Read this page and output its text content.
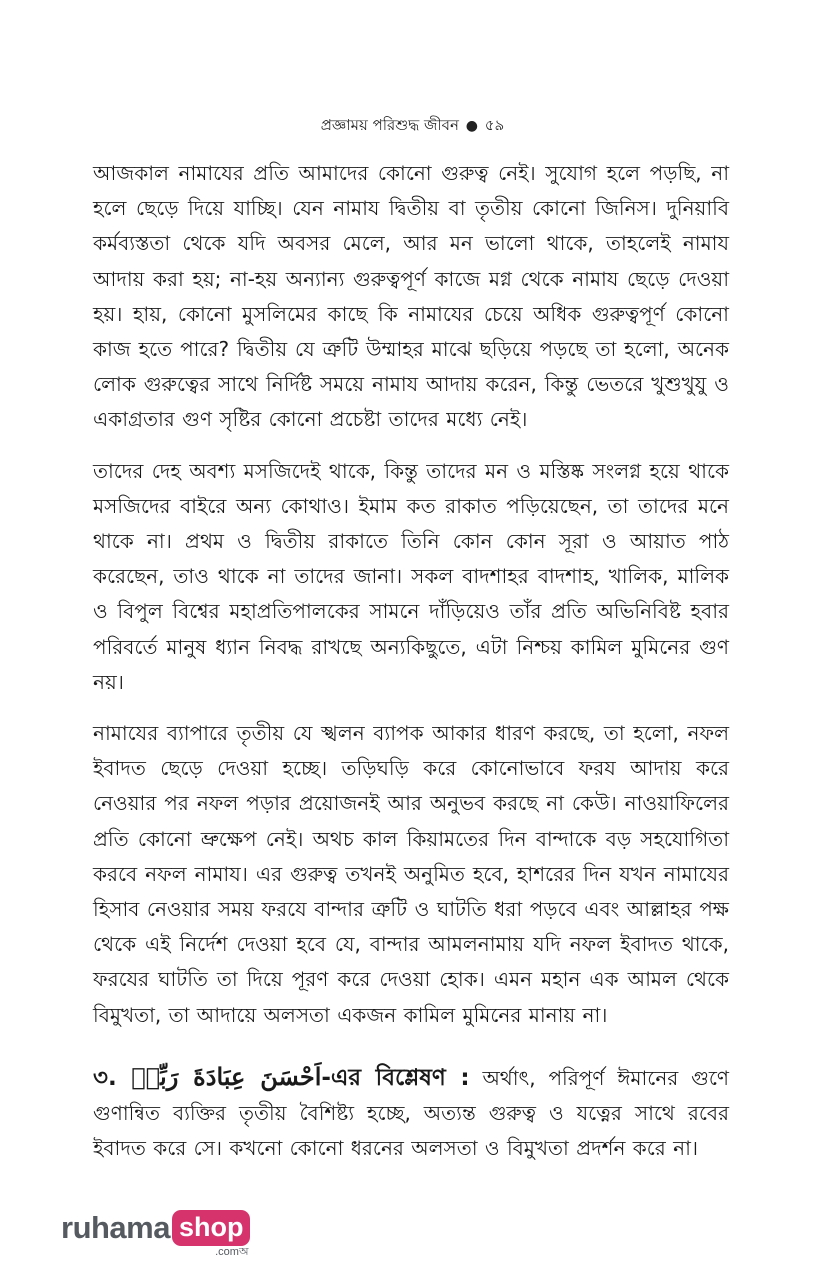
প্রজ্ঞাময় পরিশুদ্ধ জীবন ● ৫৯

আজকাল নামাযের প্রতি আমাদের কোনো গুরুত্ব নেই। সুযোগ হলে পড়ছি, না হলে ছেড়ে দিয়ে যাচ্ছি। যেন নামায দ্বিতীয় বা তৃতীয় কোনো জিনিস। দুনিয়াবি কর্মব্যস্ততা থেকে যদি অবসর মেলে, আর মন ভালো থাকে, তাহলেই নামায আদায় করা হয়; না-হয় অন্যান্য গুরুত্বপূর্ণ কাজে মগ্ন থেকে নামায ছেড়ে দেওয়া হয়। হায়, কোনো মুসলিমের কাছে কি নামাযের চেয়ে অধিক গুরুত্বপূর্ণ কোনো কাজ হতে পারে? দ্বিতীয় যে ত্রুটি উম্মাহর মাঝে ছড়িয়ে পড়ছে তা হলো, অনেক লোক গুরুত্বের সাথে নির্দিষ্ট সময়ে নামায আদায় করেন, কিন্তু ভেতরে খুশুখুযু ও একাগ্রতার গুণ সৃষ্টির কোনো প্রচেষ্টা তাদের মধ্যে নেই।

তাদের দেহ অবশ্য মসজিদেই থাকে, কিন্তু তাদের মন ও মস্তিষ্ক সংলগ্ন হয়ে থাকে মসজিদের বাইরে অন্য কোথাও। ইমাম কত রাকাত পড়িয়েছেন, তা তাদের মনে থাকে না। প্রথম ও দ্বিতীয় রাকাতে তিনি কোন কোন সূরা ও আয়াত পাঠ করেছেন, তাও থাকে না তাদের জানা। সকল বাদশাহর বাদশাহ, খালিক, মালিক ও বিপুল বিশ্বের মহাপ্রতিপালকের সামনে দাঁড়িয়েও তাঁর প্রতি অভিনিবিষ্ট হবার পরিবর্তে মানুষ ধ্যান নিবদ্ধ রাখছে অন্যকিছুতে, এটা নিশ্চয় কামিল মুমিনের গুণ নয়।

নামাযের ব্যাপারে তৃতীয় যে স্খলন ব্যাপক আকার ধারণ করছে, তা হলো, নফল ইবাদত ছেড়ে দেওয়া হচ্ছে। তড়িঘড়ি করে কোনোভাবে ফরয আদায় করে নেওয়ার পর নফল পড়ার প্রয়োজনই আর অনুভব করছে না কেউ। নাওয়াফিলের প্রতি কোনো ভ্রুক্ষেপ নেই। অথচ কাল কিয়ামতের দিন বান্দাকে বড় সহযোগিতা করবে নফল নামায। এর গুরুত্ব তখনই অনুমিত হবে, হাশরের দিন যখন নামাযের হিসাব নেওয়ার সময় ফরযে বান্দার ত্রুটি ও ঘাটতি ধরা পড়বে এবং আল্লাহর পক্ষ থেকে এই নির্দেশ দেওয়া হবে যে, বান্দার আমলনামায় যদি নফল ইবাদত থাকে, ফরযের ঘাটতি তা দিয়ে পূরণ করে দেওয়া হোক। এমন মহান এক আমল থেকে বিমুখতা, তা আদায়ে অলসতা একজন কামিল মুমিনের মানায় না।

৩. اَحْسَنَ عِبَادَةَ رَبِّهٖ-এর বিশ্লেষণ : অর্থাৎ, পরিপূর্ণ ঈমানের গুণে গুণান্বিত ব্যক্তির তৃতীয় বৈশিষ্ট্য হচ্ছে, অত্যন্ত গুরুত্ব ও যত্নের সাথে রবের ইবাদত করে সে। কখনো কোনো ধরনের অলসতা ও বিমুখতা প্রদর্শন করে না।

ruhama shop
.comঅ
